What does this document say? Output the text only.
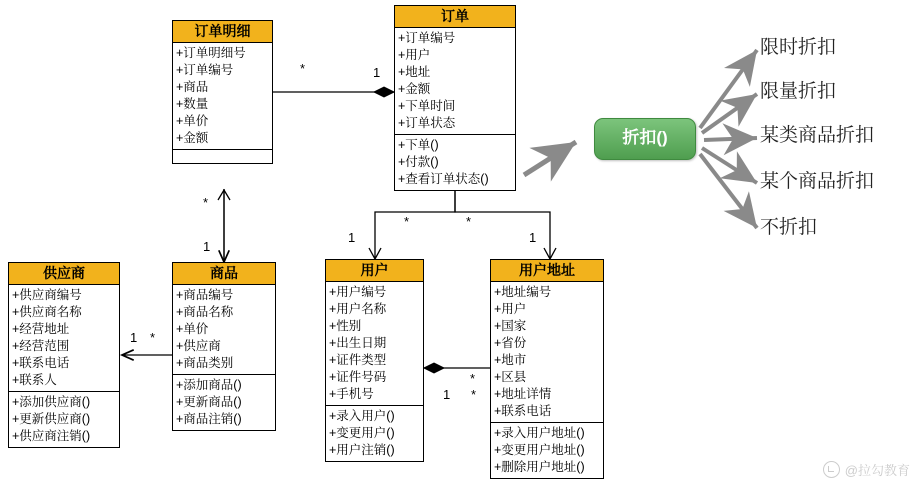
订单明细
+订单明细号
+订单编号
+商品
+数量
+单价
+金额
订单
+订单编号
+用户
+地址
+金额
+下单时间
+订单状态
+下单()
+付款()
+查看订单状态()
供应商
+供应商编号
+供应商名称
+经营地址
+经营范围
+联系电话
+联系人
+添加供应商()
+更新供应商()
+供应商注销()
商品
+商品编号
+商品名称
+单价
+供应商
+商品类别
+添加商品()
+更新商品()
+商品注销()
用户
+用户编号
+用户名称
+性别
+出生日期
+证件类型
+证件号码
+手机号
+录入用户()
+变更用户()
+用户注销()
用户地址
+地址编号
+用户
+国家
+省份
+地市
+区县
+地址详情
+联系电话
+录入用户地址()
+变更用户地址()
+删除用户地址()
折扣()
限时折扣
限量折扣
某类商品折扣
某个商品折扣
不折扣
*	1
*
1
1
*	*
*
1
1
*
1 *
@拉勾教育
